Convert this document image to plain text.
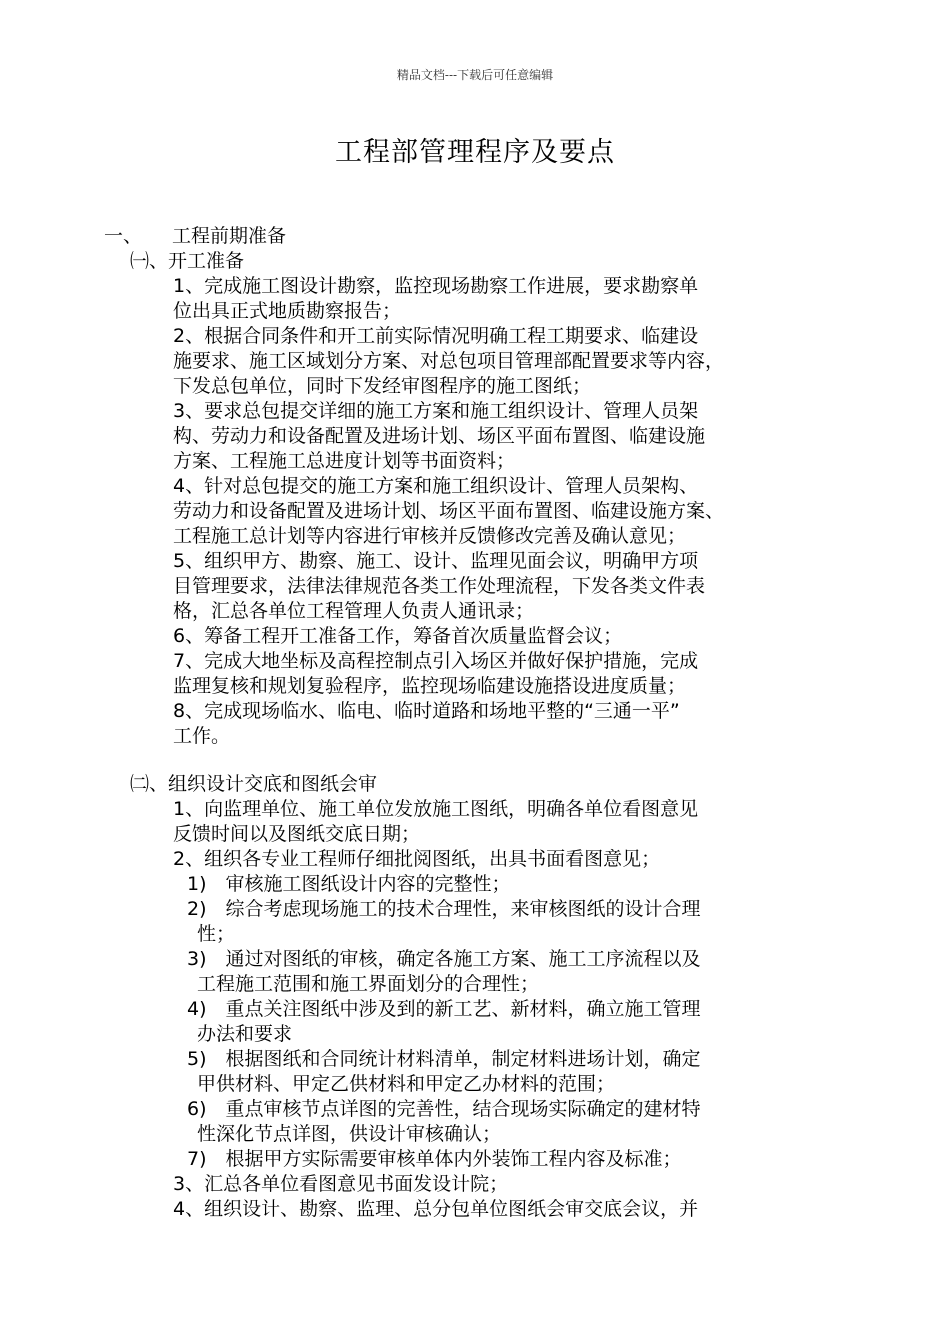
精品文档---下载后可任意编辑
工程部管理程序及要点
一、 工程前期准备
㈠、开工准备
1、完成施工图设计勘察，监控现场勘察工作进展，要求勘察单
位出具正式地质勘察报告；
2、根据合同条件和开工前实际情况明确工程工期要求、临建设
施要求、施工区域划分方案、对总包项目管理部配置要求等内容，
下发总包单位，同时下发经审图程序的施工图纸；
3、要求总包提交详细的施工方案和施工组织设计、管理人员架
构、劳动力和设备配置及进场计划、场区平面布置图、临建设施
方案、工程施工总进度计划等书面资料；
4、针对总包提交的施工方案和施工组织设计、管理人员架构、
劳动力和设备配置及进场计划、场区平面布置图、临建设施方案、
工程施工总计划等内容进行审核并反馈修改完善及确认意见；
5、组织甲方、勘察、施工、设计、监理见面会议，明确甲方项
目管理要求，法律法律规范各类工作处理流程，下发各类文件表
格，汇总各单位工程管理人负责人通讯录；
6、筹备工程开工准备工作，筹备首次质量监督会议；
7、完成大地坐标及高程控制点引入场区并做好保护措施，完成
监理复核和规划复验程序，监控现场临建设施搭设进度质量；
8、完成现场临水、临电、临时道路和场地平整的“三通一平”
工作。
㈡、组织设计交底和图纸会审
1、向监理单位、施工单位发放施工图纸，明确各单位看图意见
反馈时间以及图纸交底日期；
2、组织各专业工程师仔细批阅图纸，出具书面看图意见；
1)　审核施工图纸设计内容的完整性；
2)　综合考虑现场施工的技术合理性，来审核图纸的设计合理
性；
3)　通过对图纸的审核，确定各施工方案、施工工序流程以及
工程施工范围和施工界面划分的合理性；
4)　重点关注图纸中涉及到的新工艺、新材料，确立施工管理
办法和要求
5)　根据图纸和合同统计材料清单，制定材料进场计划，确定
甲供材料、甲定乙供材料和甲定乙办材料的范围；
6)　重点审核节点详图的完善性，结合现场实际确定的建材特
性深化节点详图，供设计审核确认；
7)　根据甲方实际需要审核单体内外装饰工程内容及标准；
3、汇总各单位看图意见书面发设计院；
4、组织设计、勘察、监理、总分包单位图纸会审交底会议，并
